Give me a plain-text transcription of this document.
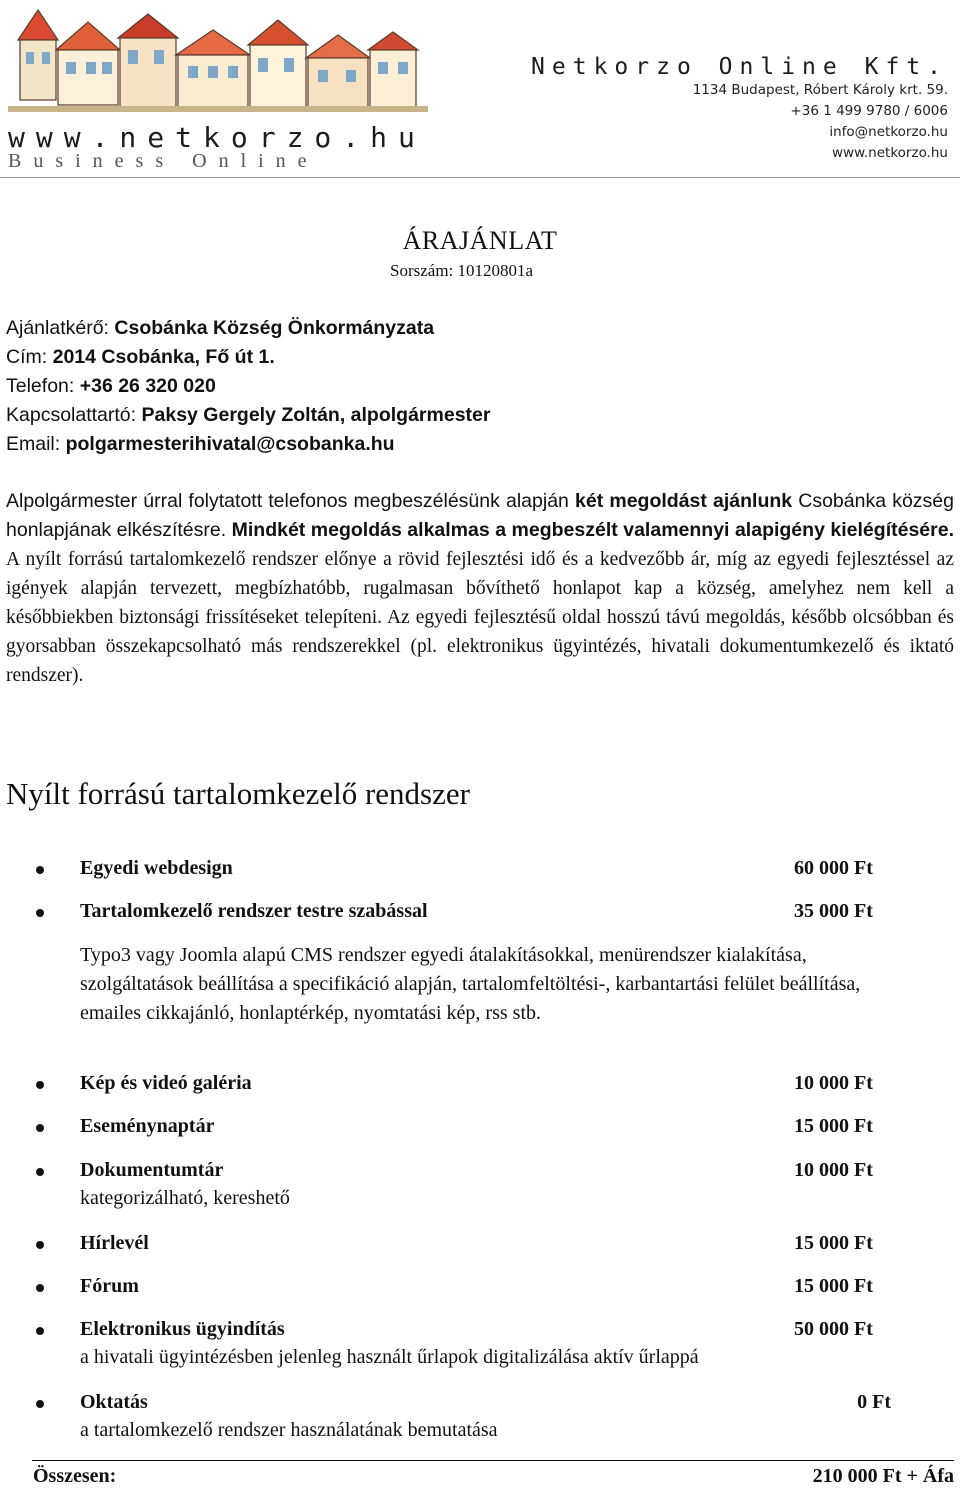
www.netkorzo.hu
Business Online
Netkorzo Online Kft.
1134 Budapest, Róbert Károly krt. 59.
+36 1 499 9780 / 6006
info@netkorzo.hu
www.netkorzo.hu
ÁRAJÁNLAT
Sorszám: 10120801a
Ajánlatkérő: Csobánka Község Önkormányzata
Cím: 2014 Csobánka, Fő út 1.
Telefon: +36 26 320 020
Kapcsolattartó: Paksy Gergely Zoltán, alpolgármester
Email: polgarmesterihivatal@csobanka.hu
Alpolgármester úrral folytatott telefonos megbeszélésünk alapján két megoldást ajánlunk Csobánka község honlapjának elkészítésre. Mindkét megoldás alkalmas a megbeszélt valamennyi alapigény kielégítésére. A nyílt forrású tartalomkezelő rendszer előnye a rövid fejlesztési idő és a kedvezőbb ár, míg az egyedi fejlesztéssel az igények alapján tervezett, megbízhatóbb, rugalmasan bővíthető honlapot kap a község, amelyhez nem kell a későbbiekben biztonsági frissítéseket telepíteni. Az egyedi fejlesztésű oldal hosszú távú megoldás, később olcsóbban és gyorsabban összekapcsolható más rendszerekkel (pl. elektronikus ügyintézés, hivatali dokumentumkezelő és iktató rendszer).
Nyílt forrású tartalomkezelő rendszer
Egyedi webdesign	60 000 Ft
Tartalomkezelő rendszer testre szabással	35 000 Ft
Kép és videó galéria	10 000 Ft
Eseménynaptár	15 000 Ft
Dokumentumtár	10 000 Ft
kategorizálható, kereshető
Hírlevél	15 000 Ft
Fórum	15 000 Ft
Elektronikus ügyindítás	50 000 Ft
a hivatali ügyintézésben jelenleg használt űrlapok digitalizálása aktív űrlappá
Oktatás	0 Ft
a tartalomkezelő rendszer használatának bemutatása
Typo3 vagy Joomla alapú CMS rendszer egyedi átalakításokkal, menürendszer kialakítása, szolgáltatások beállítása a specifikáció alapján, tartalomfeltöltési-, karbantartási felület beállítása, emailes cikkajánló, honlaptérkép, nyomtatási kép, rss stb.
Összesen:	210 000 Ft + Áfa
